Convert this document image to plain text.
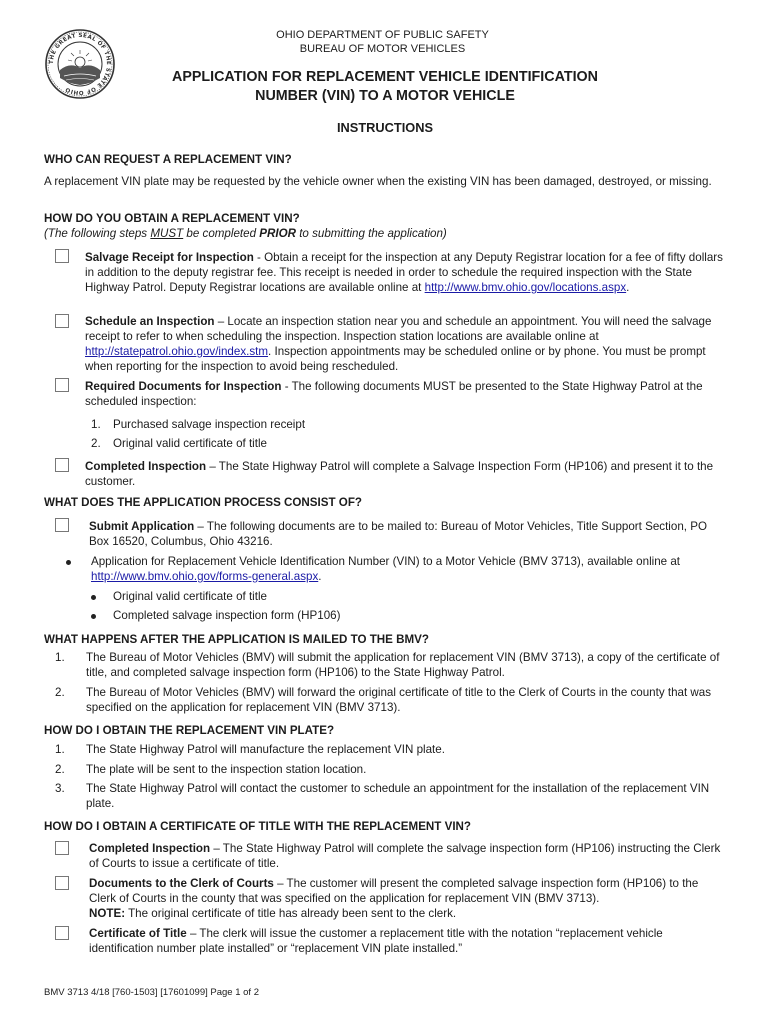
THE GREAT SEAL OF THE STATE OF OHIO
OHIO DEPARTMENT OF PUBLIC SAFETY
BUREAU OF MOTOR VEHICLES
APPLICATION FOR REPLACEMENT VEHICLE IDENTIFICATION
NUMBER (VIN) TO A MOTOR VEHICLE
INSTRUCTIONS
WHO CAN REQUEST A REPLACEMENT VIN?
A replacement VIN plate may be requested by the vehicle owner when the existing VIN has been damaged, destroyed, or missing.
HOW DO YOU OBTAIN A REPLACEMENT VIN?
(The following steps MUST be completed PRIOR to submitting the application)
Salvage Receipt for Inspection - Obtain a receipt for the inspection at any Deputy Registrar location for a fee of fifty dollars in addition to the deputy registrar fee. This receipt is needed in order to schedule the required inspection with the State Highway Patrol. Deputy Registrar locations are available online at http://www.bmv.ohio.gov/locations.aspx.
Schedule an Inspection – Locate an inspection station near you and schedule an appointment. You will need the salvage receipt to refer to when scheduling the inspection. Inspection station locations are available online at http://statepatrol.ohio.gov/index.stm. Inspection appointments may be scheduled online or by phone. You must be prompt when reporting for the inspection to avoid being rescheduled.
Required Documents for Inspection - The following documents MUST be presented to the State Highway Patrol at the scheduled inspection:
1. Purchased salvage inspection receipt
2. Original valid certificate of title
Completed Inspection – The State Highway Patrol will complete a Salvage Inspection Form (HP106) and present it to the customer.
WHAT DOES THE APPLICATION PROCESS CONSIST OF?
Submit Application – The following documents are to be mailed to: Bureau of Motor Vehicles, Title Support Section, PO Box 16520, Columbus, Ohio 43216.
Application for Replacement Vehicle Identification Number (VIN) to a Motor Vehicle (BMV 3713), available online at http://www.bmv.ohio.gov/forms-general.aspx.
Original valid certificate of title
Completed salvage inspection form (HP106)
WHAT HAPPENS AFTER THE APPLICATION IS MAILED TO THE BMV?
1. The Bureau of Motor Vehicles (BMV) will submit the application for replacement VIN (BMV 3713), a copy of the certificate of title, and completed salvage inspection form (HP106) to the State Highway Patrol.
2. The Bureau of Motor Vehicles (BMV) will forward the original certificate of title to the Clerk of Courts in the county that was specified on the application for replacement VIN (BMV 3713).
HOW DO I OBTAIN THE REPLACEMENT VIN PLATE?
1. The State Highway Patrol will manufacture the replacement VIN plate.
2. The plate will be sent to the inspection station location.
3. The State Highway Patrol will contact the customer to schedule an appointment for the installation of the replacement VIN plate.
HOW DO I OBTAIN A CERTIFICATE OF TITLE WITH THE REPLACEMENT VIN?
Completed Inspection – The State Highway Patrol will complete the salvage inspection form (HP106) instructing the Clerk of Courts to issue a certificate of title.
Documents to the Clerk of Courts – The customer will present the completed salvage inspection form (HP106) to the Clerk of Courts in the county that was specified on the application for replacement VIN (BMV 3713).
NOTE: The original certificate of title has already been sent to the clerk.
Certificate of Title – The clerk will issue the customer a replacement title with the notation “replacement vehicle identification number plate installed” or “replacement VIN plate installed.”
BMV 3713 4/18 [760-1503] [17601099] Page 1 of 2
